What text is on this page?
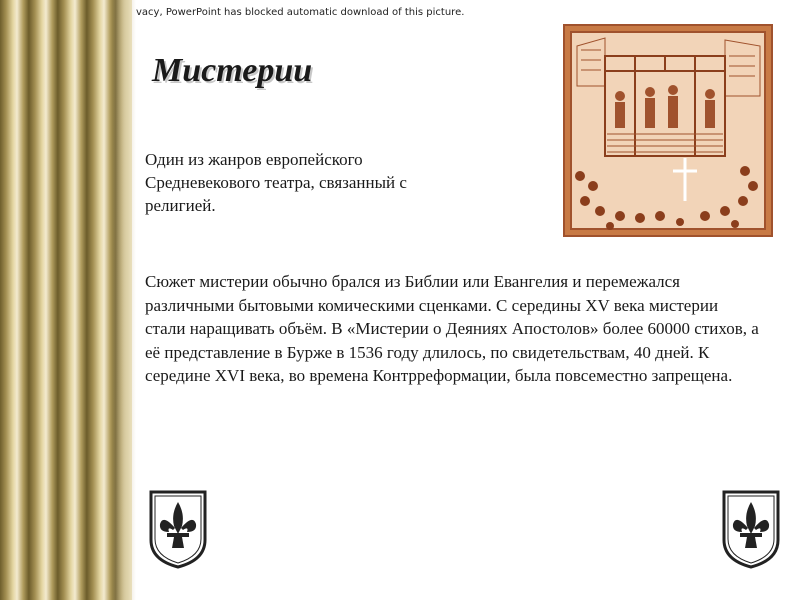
vacy, PowerPoint has blocked automatic download of this picture.
Мистерии

Один из жанров европейского Средневекового театра, связанный с религией.

Сюжет мистерии обычно брался из Библии или Евангелия и перемежался различными бытовыми комическими сценками. С середины XV века мистерии стали наращивать объём. В «Мистерии о Деяниях Апостолов» более 60000 стихов, а её представление в Бурже в 1536 году длилось, по свидетельствам, 40 дней. К середине XVI века, во времена Контрреформации, была повсеместно запрещена.
